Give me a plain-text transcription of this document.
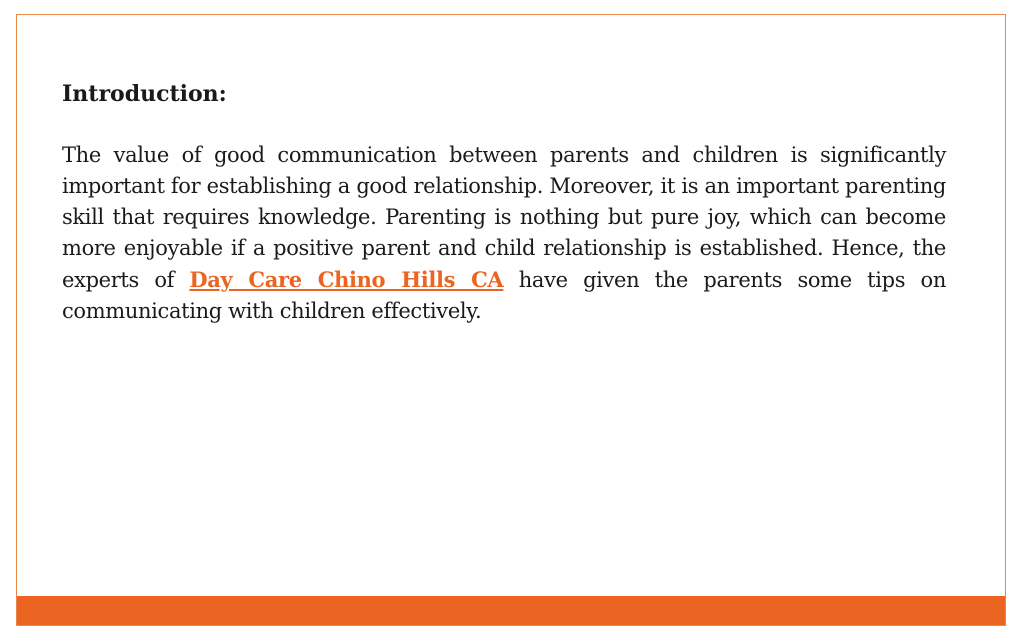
Introduction:

The value of good communication between parents and children is significantly important for establishing a good relationship. Moreover, it is an important parenting skill that requires knowledge. Parenting is nothing but pure joy, which can become more enjoyable if a positive parent and child relationship is established. Hence, the experts of Day Care Chino Hills CA have given the parents some tips on communicating with children effectively.
